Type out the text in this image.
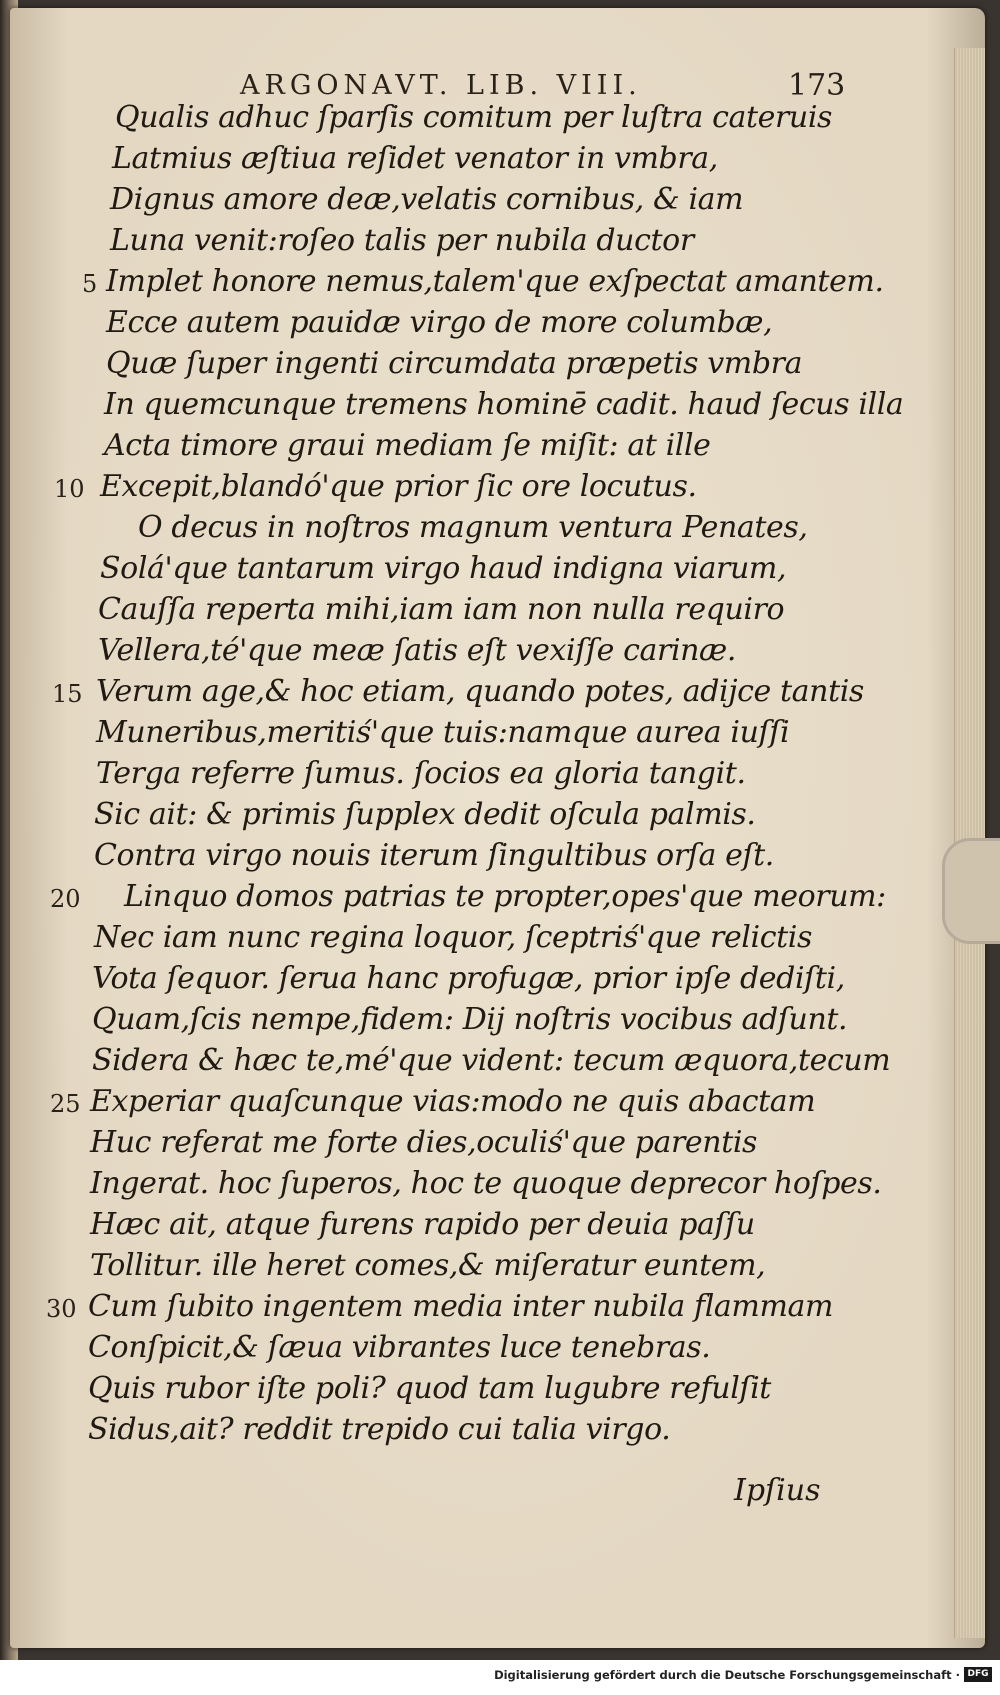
ARGONAVT. LIB. VIII.	173
Qualis adhuc ſparſis comitum per luſtra cateruis
Latmius æſtiua reſidet venator in vmbra,
Dignus amore deæ,velatis cornibus, & iam
Luna venit:roſeo talis per nubila ductor
5 Implet honore nemus,talem'que exſpectat amantem.
Ecce autem pauidæ virgo de more columbæ,
Quæ ſuper ingenti circumdata præpetis vmbra
In quemcunque tremens hominē cadit. haud ſecus illa
Acta timore graui mediam ſe miſit: at ille
10 Excepit,blandó'que prior ſic ore locutus.
O decus in noſtros magnum ventura Penates,
Solá'que tantarum virgo haud indigna viarum,
Cauſſa reperta mihi,iam iam non nulla requiro
Vellera,té'que meæ ſatis eſt vexiſſe carinæ.
15 Verum age,& hoc etiam, quando potes, adijce tantis
Muneribus,meritiś'que tuis:namque aurea iuſſi
Terga referre ſumus. ſocios ea gloria tangit.
Sic ait: & primis ſupplex dedit oſcula palmis.
Contra virgo nouis iterum ſingultibus orſa eſt.
20 Linquo domos patrias te propter,opes'que meorum:
Nec iam nunc regina loquor, ſceptriś'que relictis
Vota ſequor. ſerua hanc profugæ, prior ipſe dediſti,
Quam,ſcis nempe,fidem: Dij noſtris vocibus adſunt.
Sidera & hæc te,mé'que vident: tecum æquora,tecum
25 Experiar quaſcunque vias:modo ne quis abactam
Huc referat me forte dies,oculiś'que parentis
Ingerat. hoc ſuperos, hoc te quoque deprecor hoſpes.
Hæc ait, atque furens rapido per deuia paſſu
Tollitur. ille heret comes,& miſeratur euntem,
30 Cum ſubito ingentem media inter nubila flammam
Conſpicit,& ſæua vibrantes luce tenebras.
Quis rubor iſte poli? quod tam lugubre refulſit
Sidus,ait? reddit trepido cui talia virgo.
Ipſius
Digitalisierung gefördert durch die Deutsche Forschungsgemeinschaft · DFG
